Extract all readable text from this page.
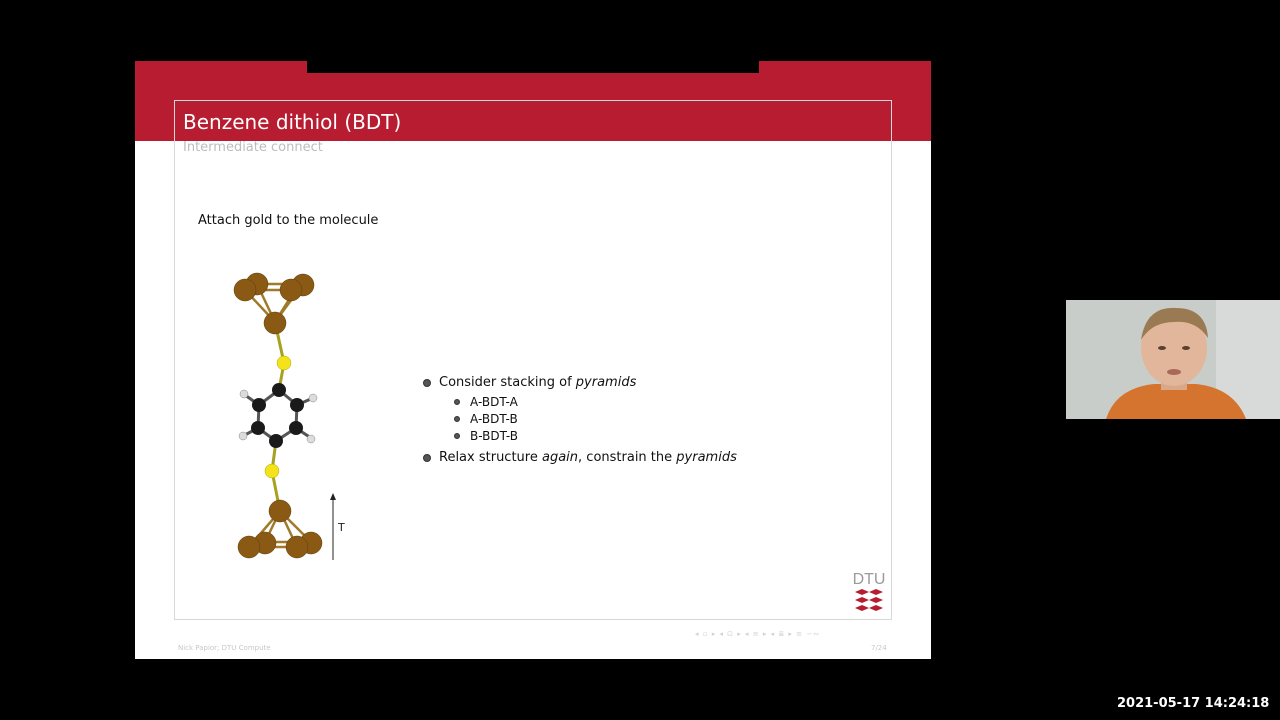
Benzene dithiol (BDT)
Intermediate connect
Attach gold to the molecule
T
Consider stacking of pyramids
A-BDT-A
A-BDT-B
B-BDT-B
Relax structure again, constrain the pyramids
DTU
◂ ▫ ▸ ◂ ⊡ ▸ ◂ ≡ ▸ ◂ ≣ ▸ ≡ ∽∾
Nick Papior; DTU Compute	7/24
2021-05-17 14:24:18
